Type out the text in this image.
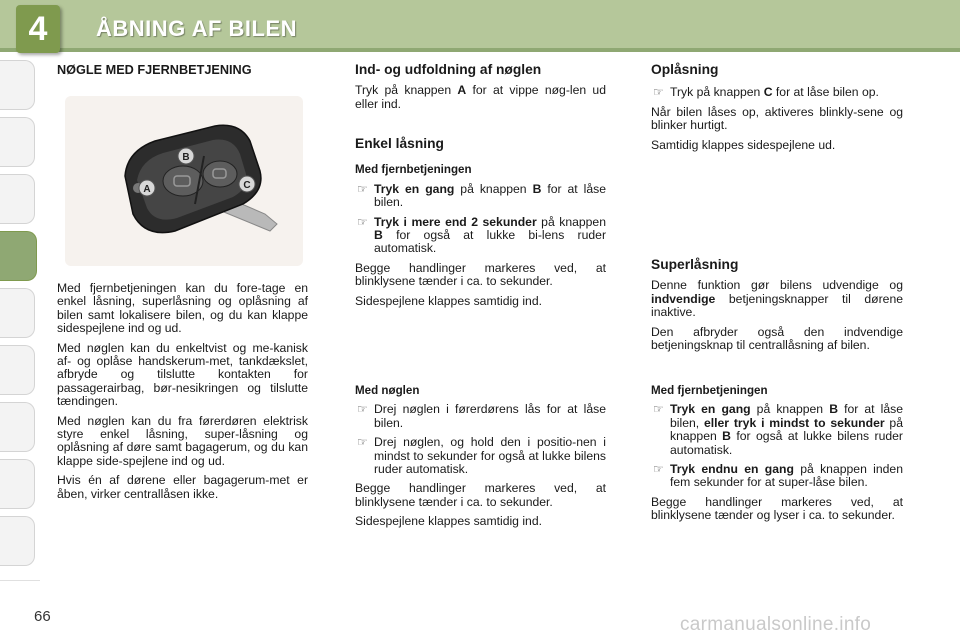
4	ÅBNING AF BILEN
NØGLE MED FJERNBETJENING
B
A	C

Med fjernbetjeningen kan du fore-tage en enkel låsning, superlåsning og oplåsning af bilen samt lokalisere bilen, og du kan klappe sidespejlene ind og ud.

Med nøglen kan du enkeltvist og me-kanisk af- og oplåse handskerum-met, tankdækslet, afbryde og tilslutte kontakten for passagerairbag, bør-nesikringen og tilslutte tændingen.

Med nøglen kan du fra førerdøren elektrisk styre enkel låsning, super-låsning og oplåsning af døre samt bagagerum, og du kan klappe side-spejlene ind og ud.

Hvis én af dørene eller bagagerum-met er åben, virker centrallåsen ikke.

Ind- og udfoldning af nøglen

Tryk på knappen A for at vippe nøg-len ud eller ind.

Enkel låsning
Med fjernbetjeningen
☞ Tryk en gang på knappen B for at låse bilen.
☞ Tryk i mere end 2 sekunder på knappen B for også at lukke bi-lens ruder automatisk.

Begge handlinger markeres ved, at blinklysene tænder i ca. to sekunder.

Sidespejlene klappes samtidig ind.

Med nøglen
☞ Drej nøglen i førerdørens lås for at låse bilen.
☞ Drej nøglen, og hold den i positio-nen i mindst to sekunder for også at lukke bilens ruder automatisk.

Begge handlinger markeres ved, at blinklysene tænder i ca. to sekunder.

Sidespejlene klappes samtidig ind.

Oplåsning
☞ Tryk på knappen C for at låse bilen op.

Når bilen låses op, aktiveres blinkly-sene og blinker hurtigt.

Samtidig klappes sidespejlene ud.

Superlåsning

Denne funktion gør bilens udvendige og indvendige betjeningsknapper til dørene inaktive.

Den afbryder også den indvendige betjeningsknap til centrallåsning af bilen.

Med fjernbetjeningen
☞ Tryk en gang på knappen B for at låse bilen, eller tryk i mindst to sekunder på knappen B for også at lukke bilens ruder automatisk.
☞ Tryk endnu en gang på knappen inden fem sekunder for at super-låse bilen.

Begge handlinger markeres ved, at blinklysene tænder og lyser i ca. to sekunder.

66	carmanualsonline.info
